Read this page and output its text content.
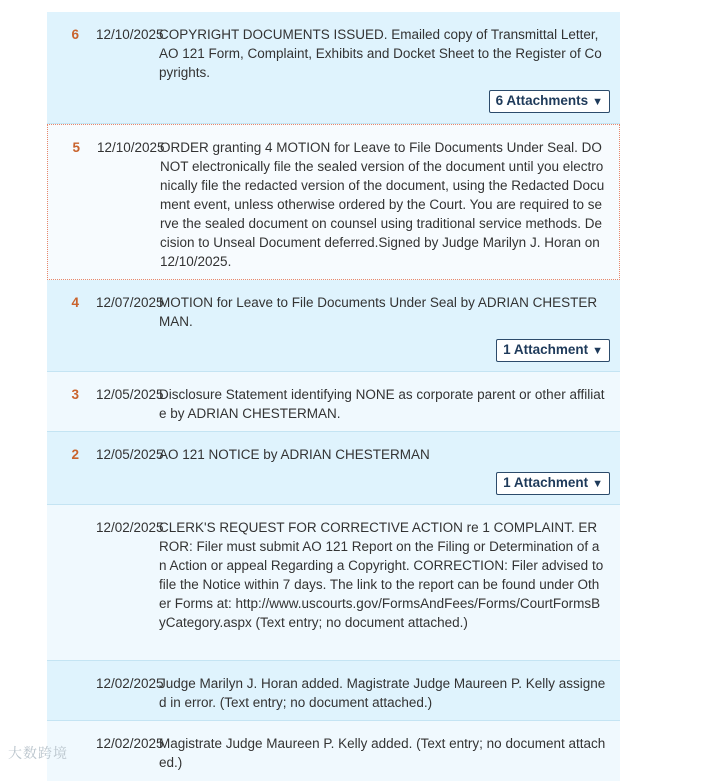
6	12/10/2025
COPYRIGHT DOCUMENTS ISSUED. Emailed copy of Transmittal Letter, AO 121 Form, Complaint, Exhibits and Docket Sheet to the Register of Copyrights.
6 Attachments ▼
5	12/10/2025
ORDER granting 4 MOTION for Leave to File Documents Under Seal. DO NOT electronically file the sealed version of the document until you electronically file the redacted version of the document, using the Redacted Document event, unless otherwise ordered by the Court. You are required to serve the sealed document on counsel using traditional service methods. Decision to Unseal Document deferred.Signed by Judge Marilyn J. Horan on 12/10/2025.
4	12/07/2025
MOTION for Leave to File Documents Under Seal by ADRIAN CHESTERMAN.
1 Attachment ▼
3	12/05/2025
Disclosure Statement identifying NONE as corporate parent or other affiliate by ADRIAN CHESTERMAN.
2	12/05/2025
AO 121 NOTICE by ADRIAN CHESTERMAN
1 Attachment ▼
12/02/2025
CLERK'S REQUEST FOR CORRECTIVE ACTION re 1 COMPLAINT. ERROR: Filer must submit AO 121 Report on the Filing or Determination of an Action or appeal Regarding a Copyright. CORRECTION: Filer advised to file the Notice within 7 days. The link to the report can be found under Other Forms at: http://www.uscourts.gov/FormsAndFees/Forms/CourtFormsByCategory.aspx (Text entry; no document attached.)
12/02/2025
Judge Marilyn J. Horan added. Magistrate Judge Maureen P. Kelly assigned in error. (Text entry; no document attached.)
12/02/2025
Magistrate Judge Maureen P. Kelly added. (Text entry; no document attached.)
大数跨境
